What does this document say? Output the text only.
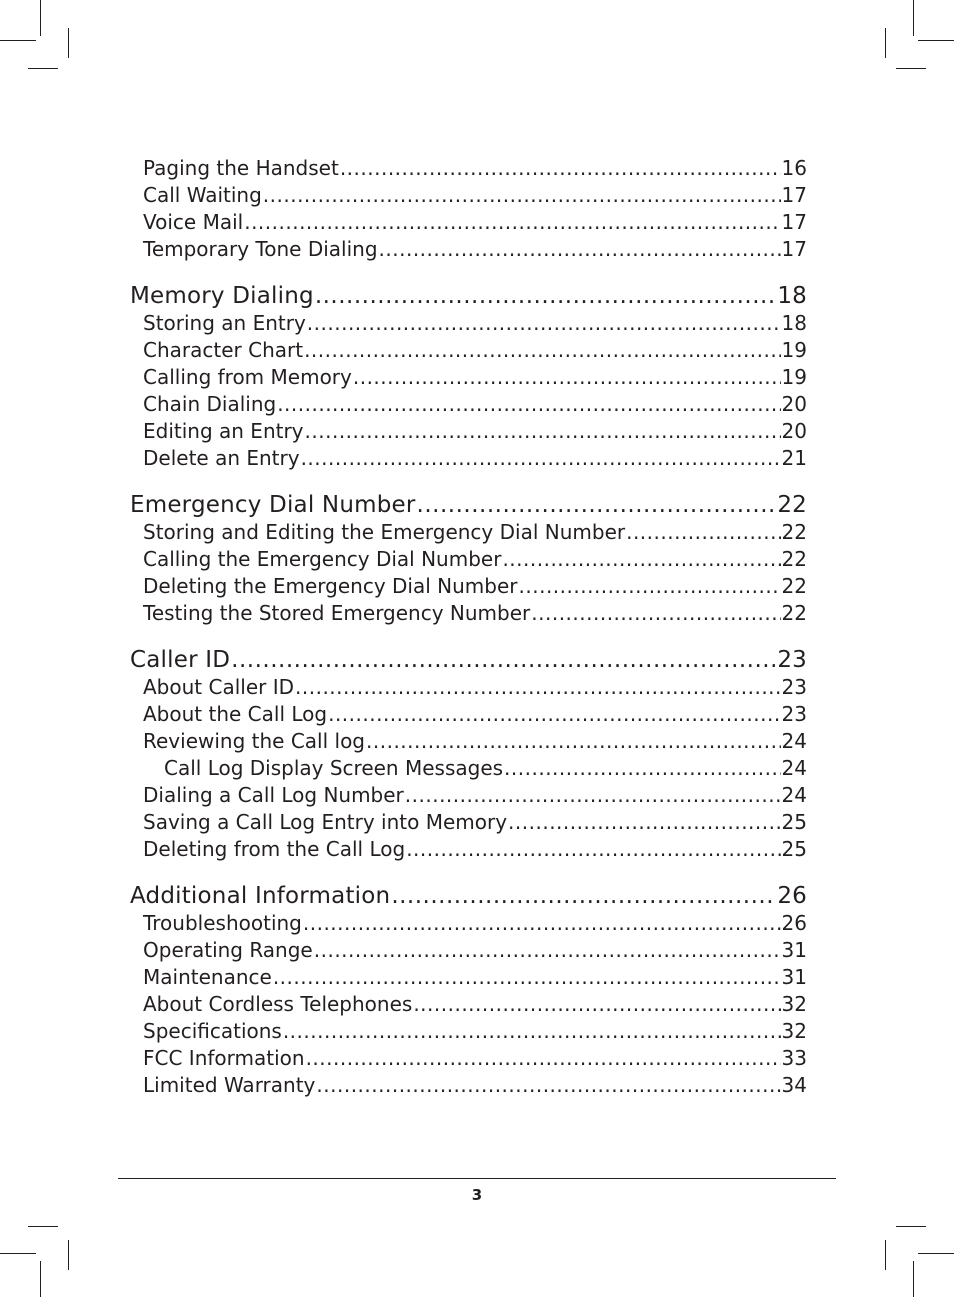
Paging the Handset .....	16
Call Waiting .....	17
Voice Mail .....	17
Temporary Tone Dialing .....	17
Memory Dialing .....	18
Storing an Entry .....	18
Character Chart .....	19
Calling from Memory .....	19
Chain Dialing .....	20
Editing an Entry .....	20
Delete an Entry .....	21
Emergency Dial Number .....	22
Storing and Editing the Emergency Dial Number .....	22
Calling the Emergency Dial Number .....	22
Deleting the Emergency Dial Number .....	22
Testing the Stored Emergency Number .....	22
Caller ID .....	23
About Caller ID .....	23
About the Call Log .....	23
Reviewing the Call log .....	24
Call Log Display Screen Messages .....	24
Dialing a Call Log Number .....	24
Saving a Call Log Entry into Memory .....	25
Deleting from the Call Log .....	25
Additional Information .....	26
Troubleshooting .....	26
Operating Range .....	31
Maintenance .....	31
About Cordless Telephones .....	32
Specifications .....	32
FCC Information .....	33
Limited Warranty .....	34
3
